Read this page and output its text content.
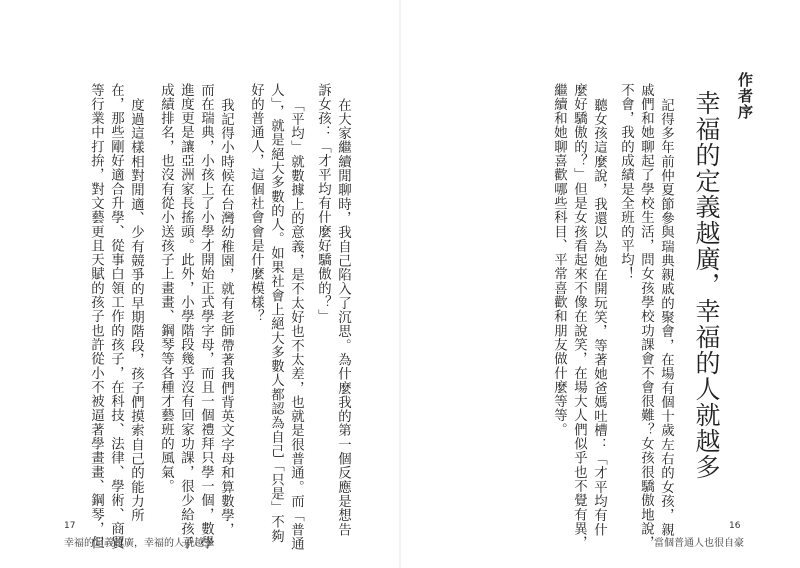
作者序
幸福的定義越廣，幸福的人就越多
記得多年前仲夏節參與瑞典親戚的聚會，在場有個十歲左右的女孩，親
戚們和她聊起了學校生活，問女孩學校功課會不會很難？女孩很驕傲地說，
不會，我的成績是全班的平均！
聽女孩這麼說，我還以為她在開玩笑，等著她爸媽吐槽：「才平均有什
麼好驕傲的？」但是女孩看起來不像在說笑，在場大人們似乎也不覺有異，
繼續和她聊喜歡哪些科目、平常喜歡和朋友做什麼等等。
在大家繼續閒聊時，我自己陷入了沉思。為什麼我的第一個反應是想告
訴女孩：「才平均有什麼好驕傲的？」
「平均」就數據上的意義，是不太好也不太差，也就是很普通。而「普通
人」，就是絕大多數的人。如果社會上絕大多數人都認為自己「只是」不夠
好的普通人，這個社會會是什麼模樣？
我記得小時候在台灣幼稚園，就有老師帶著我們背英文字母和算數學，
而在瑞典，小孩上了小學才開始正式學字母，而且一個禮拜只學一個，數學
進度更是讓亞洲家長搖頭。此外，小學階段幾乎沒有回家功課，很少給孩子
成績排名，也沒有從小送孩子上畫畫、鋼琴等各種才藝班的風氣。
度過這樣相對閒適、少有競爭的早期階段，孩子們摸索自己的能力所
在，那些剛好適合升學、從事白領工作的孩子，在科技、法律、學術、商貿
等行業中打拚，對文藝更且天賦的孩子也許從小不被逼著學畫畫、鋼琴，但
17
幸福的定義越廣，幸福的人就越多
16
當個普通人也很自豪
